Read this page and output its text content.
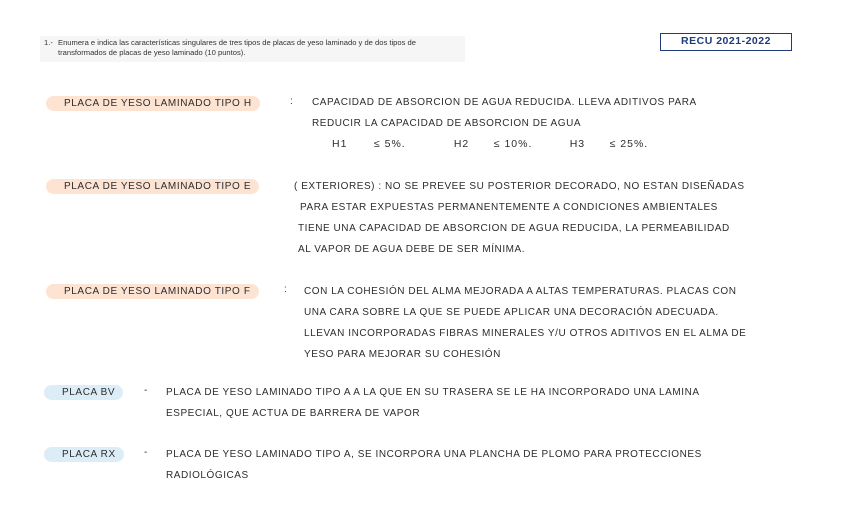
1.- Enumera e indica las características singulares de tres tipos de placas de yeso laminado y de dos tipos de
transformados de placas de yeso laminado (10 puntos).
RECU 2021-2022
PLACA DE YESO LAMINADO TIPO H	: CAPACIDAD DE ABSORCION DE AGUA REDUCIDA. LLEVA ADITIVOS PARA
REDUCIR LA CAPACIDAD DE ABSORCION DE AGUA
H1	≤ 5%.	H2 ≤ 10%.	H3 ≤ 25%.
PLACA DE YESO LAMINADO TIPO E	( EXTERIORES) : NO SE PREVEE SU POSTERIOR DECORADO, NO ESTAN DISEÑADAS
PARA ESTAR EXPUESTAS PERMANENTEMENTE A CONDICIONES AMBIENTALES
TIENE UNA CAPACIDAD DE ABSORCION DE AGUA REDUCIDA, LA PERMEABILIDAD
AL VAPOR DE AGUA DEBE DE SER MÍNIMA.
PLACA DE YESO LAMINADO TIPO F	: CON LA COHESIÓN DEL ALMA MEJORADA A ALTAS TEMPERATURAS. PLACAS CON
UNA CARA SOBRE LA QUE SE PUEDE APLICAR UNA DECORACIÓN ADECUADA.
LLEVAN INCORPORADAS FIBRAS MINERALES Y/U OTROS ADITIVOS EN EL ALMA DE
YESO PARA MEJORAR SU COHESIÓN
PLACA BV	- PLACA DE YESO LAMINADO TIPO A A LA QUE EN SU TRASERA SE LE HA INCORPORADO UNA LAMINA
ESPECIAL, QUE ACTUA DE BARRERA DE VAPOR
PLACA RX	- PLACA DE YESO LAMINADO TIPO A, SE INCORPORA UNA PLANCHA DE PLOMO PARA PROTECCIONES
RADIOLÓGICAS
